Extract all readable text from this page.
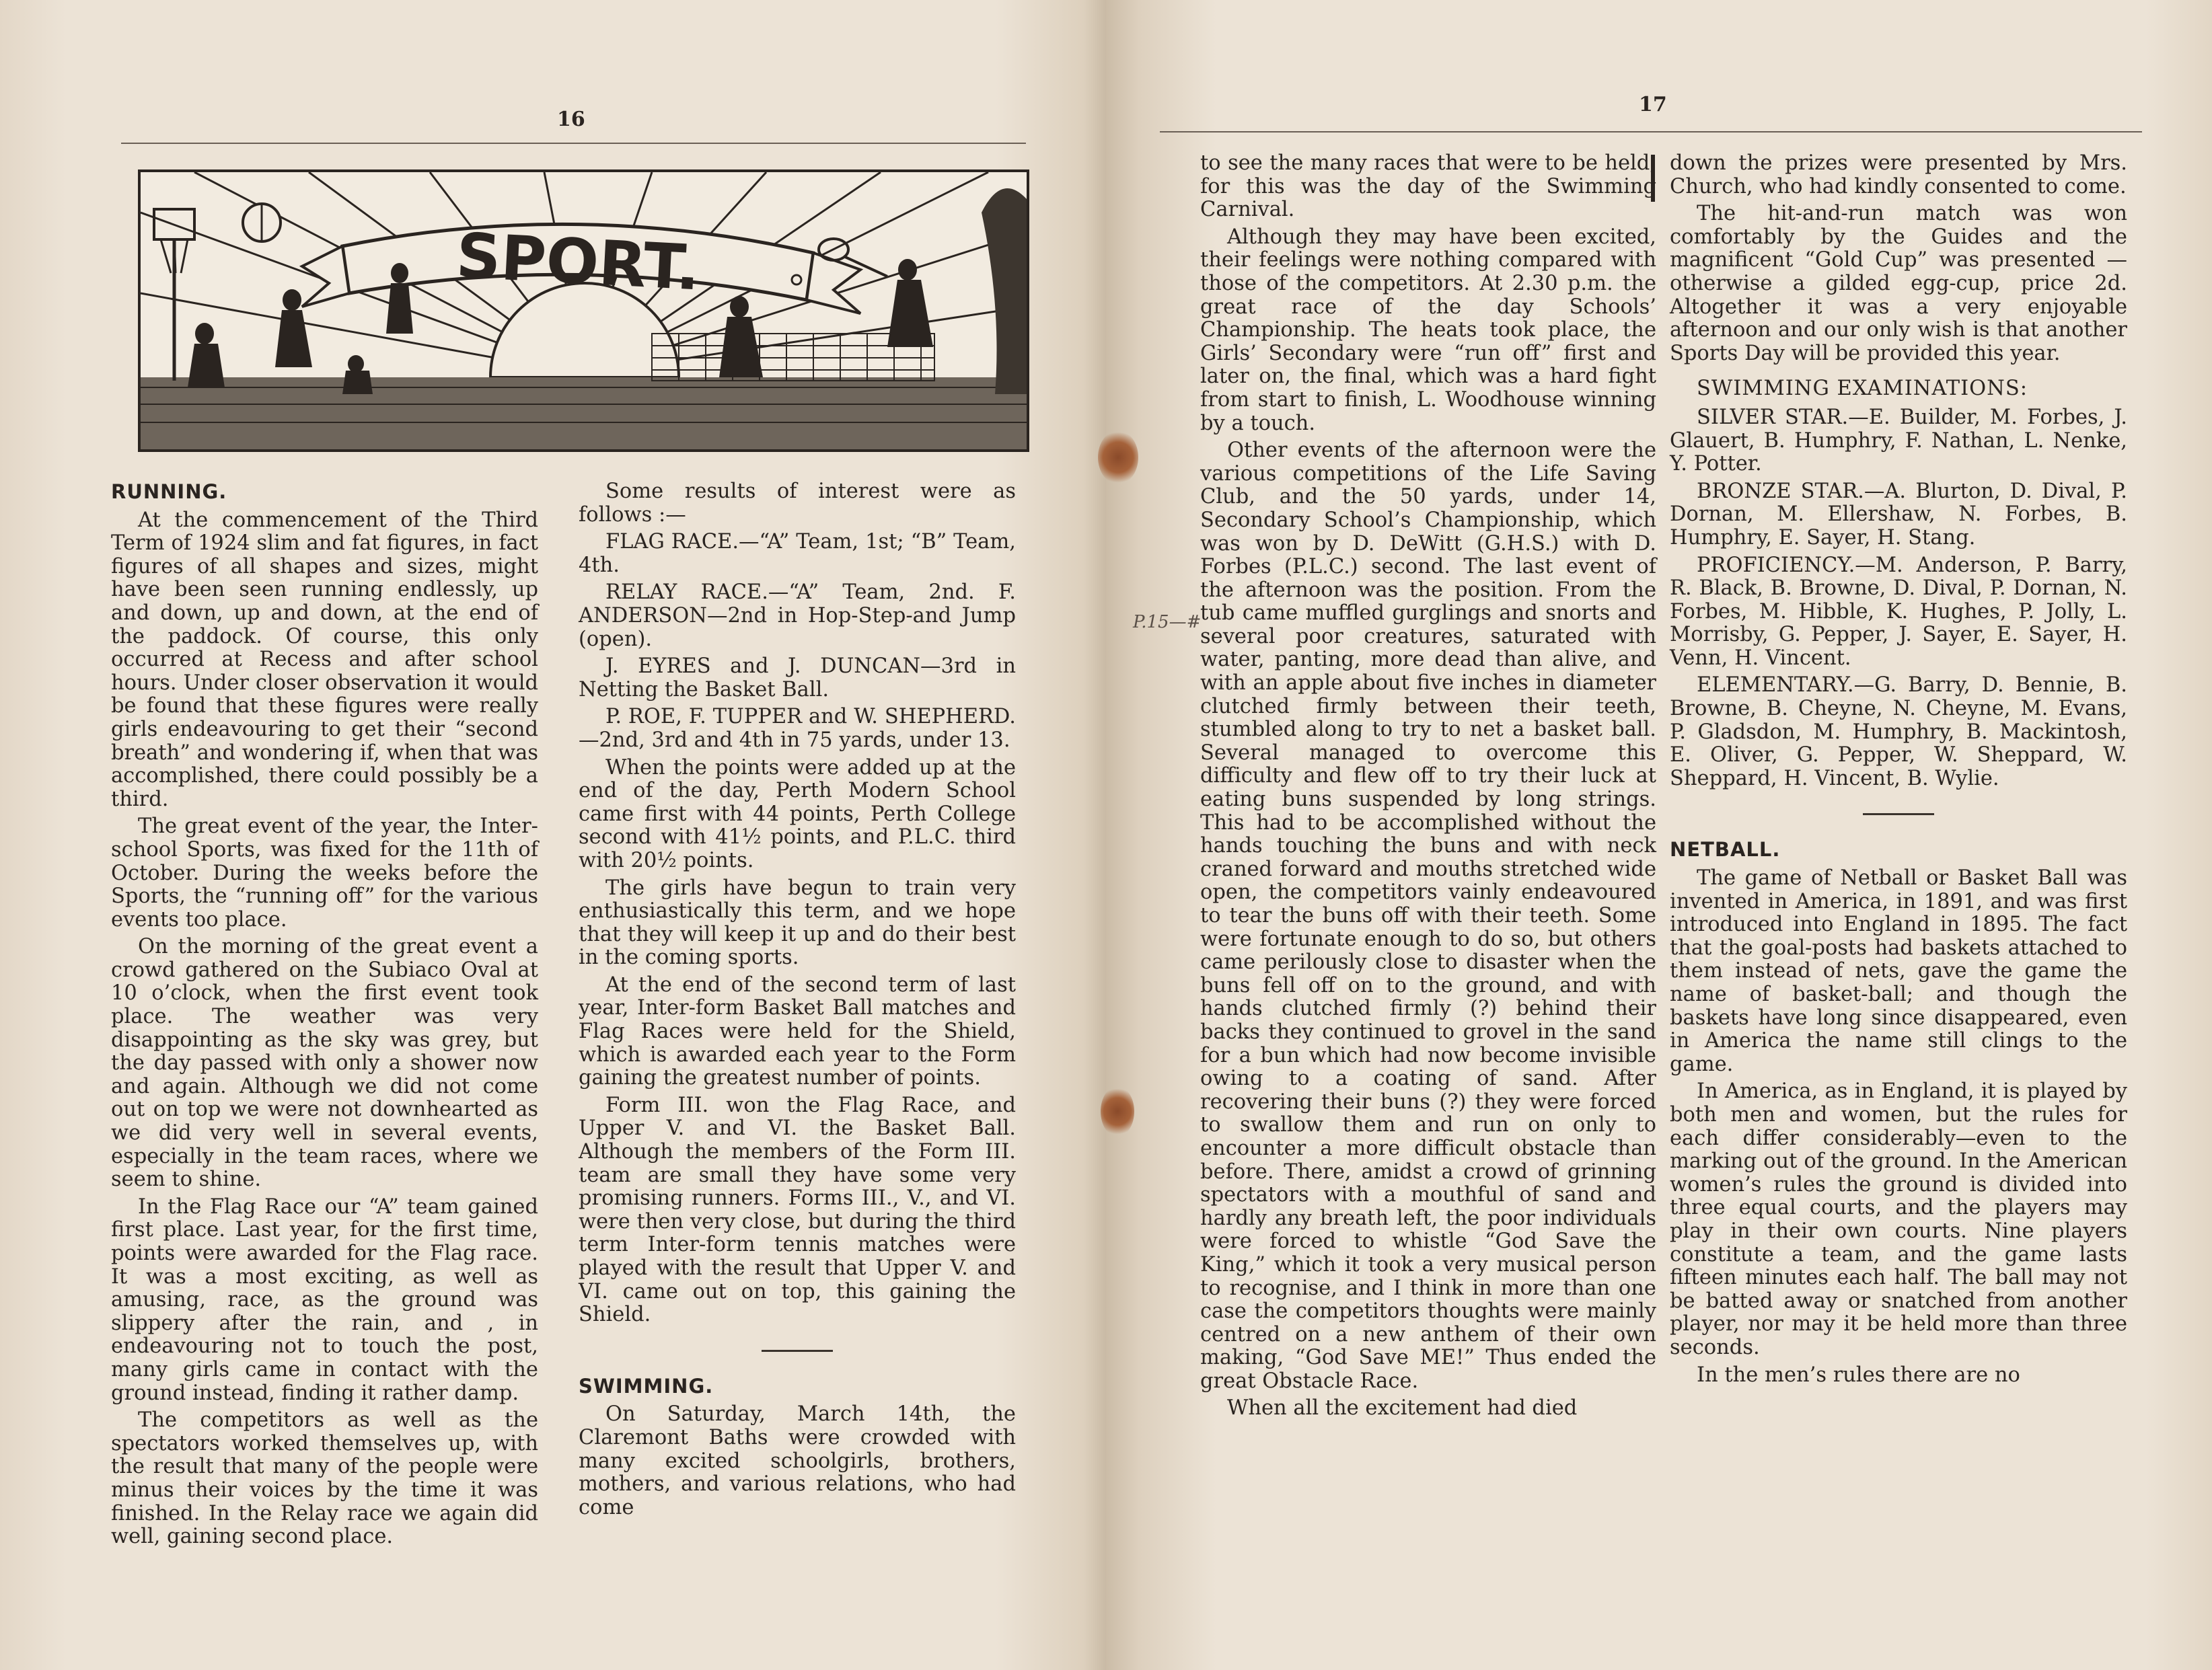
16
SPORT.
RUNNING.

At the commencement of the Third Term of 1924 slim and fat figures, in fact figures of all shapes and sizes, might have been seen running endlessly, up and down, up and down, at the end of the paddock. Of course, this only occurred at Recess and after school hours. Under closer observation it would be found that these figures were really girls endeavouring to get their “second breath” and wondering if, when that was accomplished, there could possibly be a third.

The great event of the year, the Inter-school Sports, was fixed for the 11th of October. During the weeks before the Sports, the “running off” for the various events too place.

On the morning of the great event a crowd gathered on the Subiaco Oval at 10 o’clock, when the first event took place. The weather was very disappointing as the sky was grey, but the day passed with only a shower now and again. Although we did not come out on top we were not downhearted as we did very well in several events, especially in the team races, where we seem to shine.

In the Flag Race our “A” team gained first place. Last year, for the first time, points were awarded for the Flag race. It was a most exciting, as well as amusing, race, as the ground was slippery after the rain, and , in endeavouring not to touch the post, many girls came in contact with the ground instead, finding it rather damp.

The competitors as well as the spectators worked themselves up, with the result that many of the people were minus their voices by the time it was finished. In the Relay race we again did well, gaining second place.

Some results of interest were as follows :—

FLAG RACE.—“A” Team, 1st; “B” Team, 4th.

RELAY RACE.—“A” Team, 2nd. F. ANDERSON—2nd in Hop-Step-and Jump (open).

J. EYRES and J. DUNCAN—3rd in Netting the Basket Ball.

P. ROE, F. TUPPER and W. SHEPHERD.—2nd, 3rd and 4th in 75 yards, under 13.

When the points were added up at the end of the day, Perth Modern School came first with 44 points, Perth College second with 41½ points, and P.L.C. third with 20½ points.

The girls have begun to train very enthusiastically this term, and we hope that they will keep it up and do their best in the coming sports.

At the end of the second term of last year, Inter-form Basket Ball matches and Flag Races were held for the Shield, which is awarded each year to the Form gaining the greatest number of points.

Form III. won the Flag Race, and Upper V. and VI. the Basket Ball. Although the members of the Form III. team are small they have some very promising runners. Forms III., V., and VI. were then very close, but during the third term Inter-form tennis matches were played with the result that Upper V. and VI. came out on top, this gaining the Shield.

SWIMMING.

On Saturday, March 14th, the Claremont Baths were crowded with many excited schoolgirls, brothers, mothers, and various relations, who had come

17
P.15—#

to see the many races that were to be held, for this was the day of the Swimming Carnival.

Although they may have been excited, their feelings were nothing compared with those of the competitors. At 2.30 p.m. the great race of the day Schools’ Championship. The heats took place, the Girls’ Secondary were “run off” first and later on, the final, which was a hard fight from start to finish, L. Woodhouse winning by a touch.

Other events of the afternoon were the various competitions of the Life Saving Club, and the 50 yards, under 14, Secondary School’s Championship, which was won by D. DeWitt (G.H.S.) with D. Forbes (P.L.C.) second. The last event of the afternoon was the position. From the tub came muffled gurglings and snorts and several poor creatures, saturated with water, panting, more dead than alive, and with an apple about five inches in diameter clutched firmly between their teeth, stumbled along to try to net a basket ball. Several managed to overcome this difficulty and flew off to try their luck at eating buns suspended by long strings. This had to be accomplished without the hands touching the buns and with neck craned forward and mouths stretched wide open, the competitors vainly endeavoured to tear the buns off with their teeth. Some were fortunate enough to do so, but others came perilously close to disaster when the buns fell off on to the ground, and with hands clutched firmly (?) behind their backs they continued to grovel in the sand for a bun which had now become invisible owing to a coating of sand. After recovering their buns (?) they were forced to swallow them and run on only to encounter a more difficult obstacle than before. There, amidst a crowd of grinning spectators with a mouthful of sand and hardly any breath left, the poor individuals were forced to whistle “God Save the King,” which it took a very musical person to recognise, and I think in more than one case the competitors thoughts were mainly centred on a new anthem of their own making, “God Save ME!” Thus ended the great Obstacle Race.

When all the excitement had died

down the prizes were presented by Mrs. Church, who had kindly consented to come.

The hit-and-run match was won comfortably by the Guides and the magnificent “Gold Cup” was presented —otherwise a gilded egg-cup, price 2d. Altogether it was a very enjoyable afternoon and our only wish is that another Sports Day will be provided this year.

SWIMMING EXAMINATIONS:

SILVER STAR.—E. Builder, M. Forbes, J. Glauert, B. Humphry, F. Nathan, L. Nenke, Y. Potter.

BRONZE STAR.—A. Blurton, D. Dival, P. Dornan, M. Ellershaw, N. Forbes, B. Humphry, E. Sayer, H. Stang.

PROFICIENCY.—M. Anderson, P. Barry, R. Black, B. Browne, D. Dival, P. Dornan, N. Forbes, M. Hibble, K. Hughes, P. Jolly, L. Morrisby, G. Pepper, J. Sayer, E. Sayer, H. Venn, H. Vincent.

ELEMENTARY.—G. Barry, D. Bennie, B. Browne, B. Cheyne, N. Cheyne, M. Evans, P. Gladsdon, M. Humphry, B. Mackintosh, E. Oliver, G. Pepper, W. Sheppard, W. Sheppard, H. Vincent, B. Wylie.

NETBALL.

The game of Netball or Basket Ball was invented in America, in 1891, and was first introduced into England in 1895. The fact that the goal-posts had baskets attached to them instead of nets, gave the game the name of basket-ball; and though the baskets have long since disappeared, even in America the name still clings to the game.

In America, as in England, it is played by both men and women, but the rules for each differ considerably—even to the marking out of the ground. In the American women’s rules the ground is divided into three equal courts, and the players may play in their own courts. Nine players constitute a team, and the game lasts fifteen minutes each half. The ball may not be batted away or snatched from another player, nor may it be held more than three seconds.

In the men’s rules there are no
